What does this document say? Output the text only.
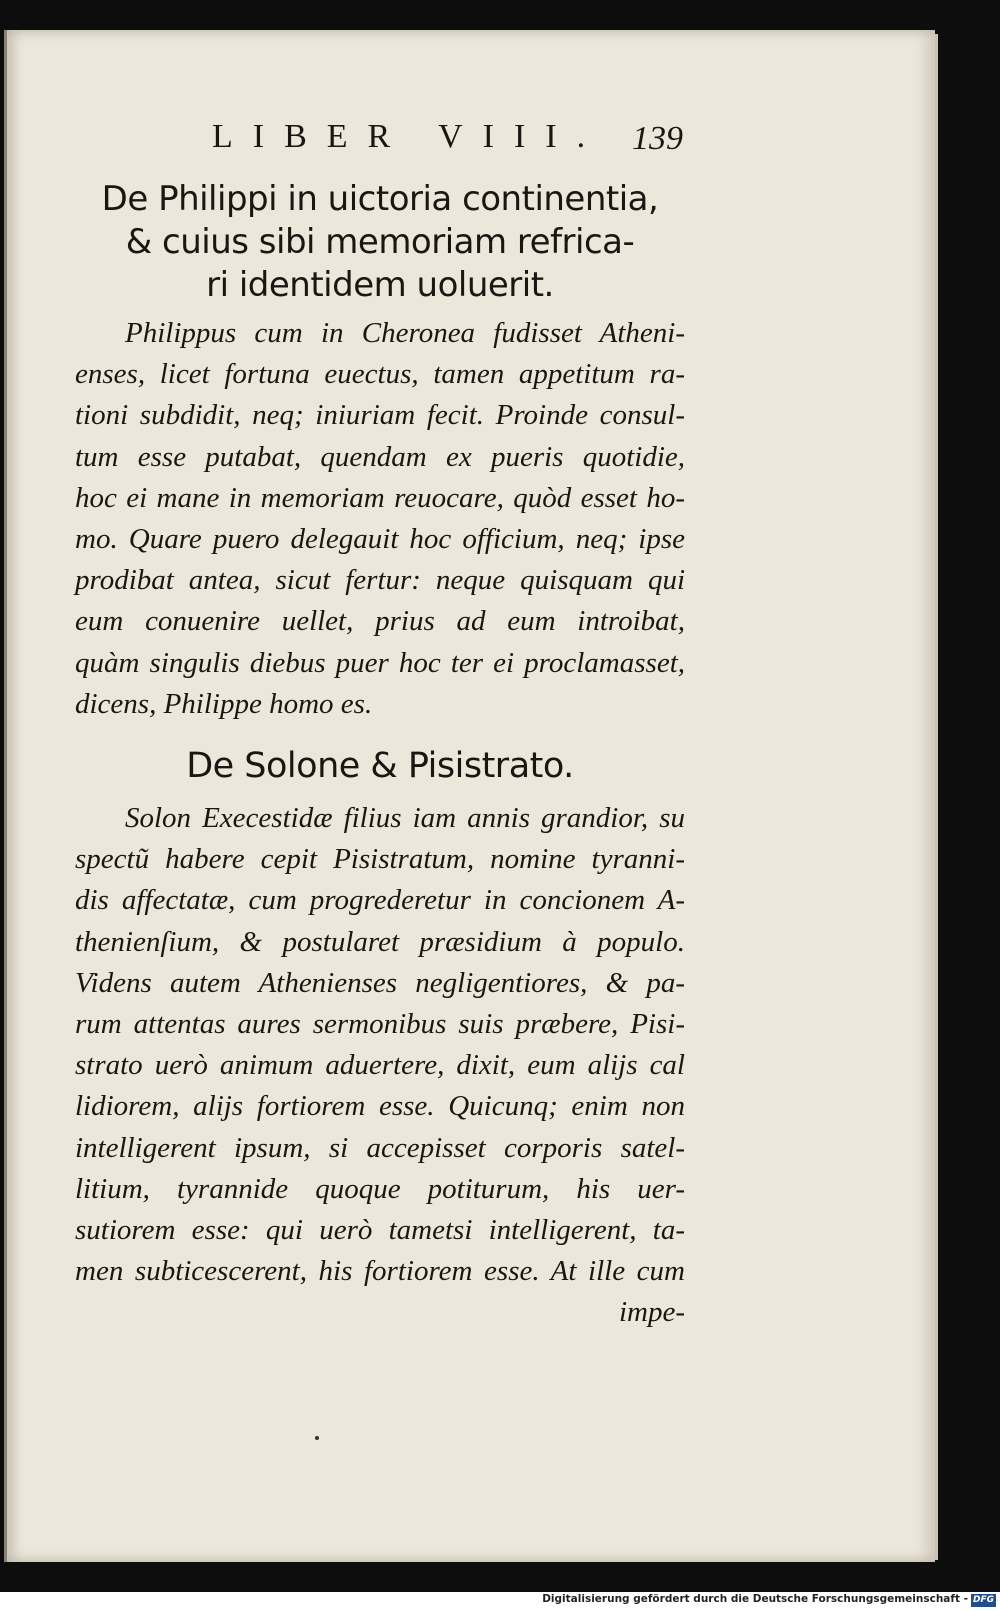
LIBER VIII. 139
De Philippi in uictoria continentia,
& cuius sibi memoriam refrica-
ri identidem uoluerit.

Philippus cum in Cheronea fudisset Atheni-
enses, licet fortuna euectus, tamen appetitum ra-
tioni subdidit, neq; iniuriam fecit. Proinde consul-
tum esse putabat, quendam ex pueris quotidie,
hoc ei mane in memoriam reuocare, quòd esset ho-
mo. Quare puero delegauit hoc officium, neq; ipse
prodibat antea, sicut fertur: neque quisquam qui
eum conuenire uellet, prius ad eum introibat,
quàm singulis diebus puer hoc ter ei proclamasset,
dicens, Philippe homo es.

De Solone & Pisistrato.

Solon Execestidæ filius iam annis grandior, su
spectũ habere cepit Pisistratum, nomine tyranni-
dis affectatæ, cum progrederetur in concionem A-
thenienſium, & postularet præsidium à populo.
Videns autem Athenienses negligentiores, & pa-
rum attentas aures sermonibus suis præbere, Pisi-
strato uerò animum aduertere, dixit, eum alijs cal
lidiorem, alijs fortiorem esse. Quicunq; enim non
intelligerent ipsum, si accepisset corporis satel-
litium, tyrannide quoque potiturum, his uer-
sutiorem esse: qui uerò tametsi intelligerent, ta-
men subticescerent, his fortiorem esse. At ille cum
impe-

Digitalisierung gefördert durch die Deutsche Forschungsgemeinschaft - DFG
